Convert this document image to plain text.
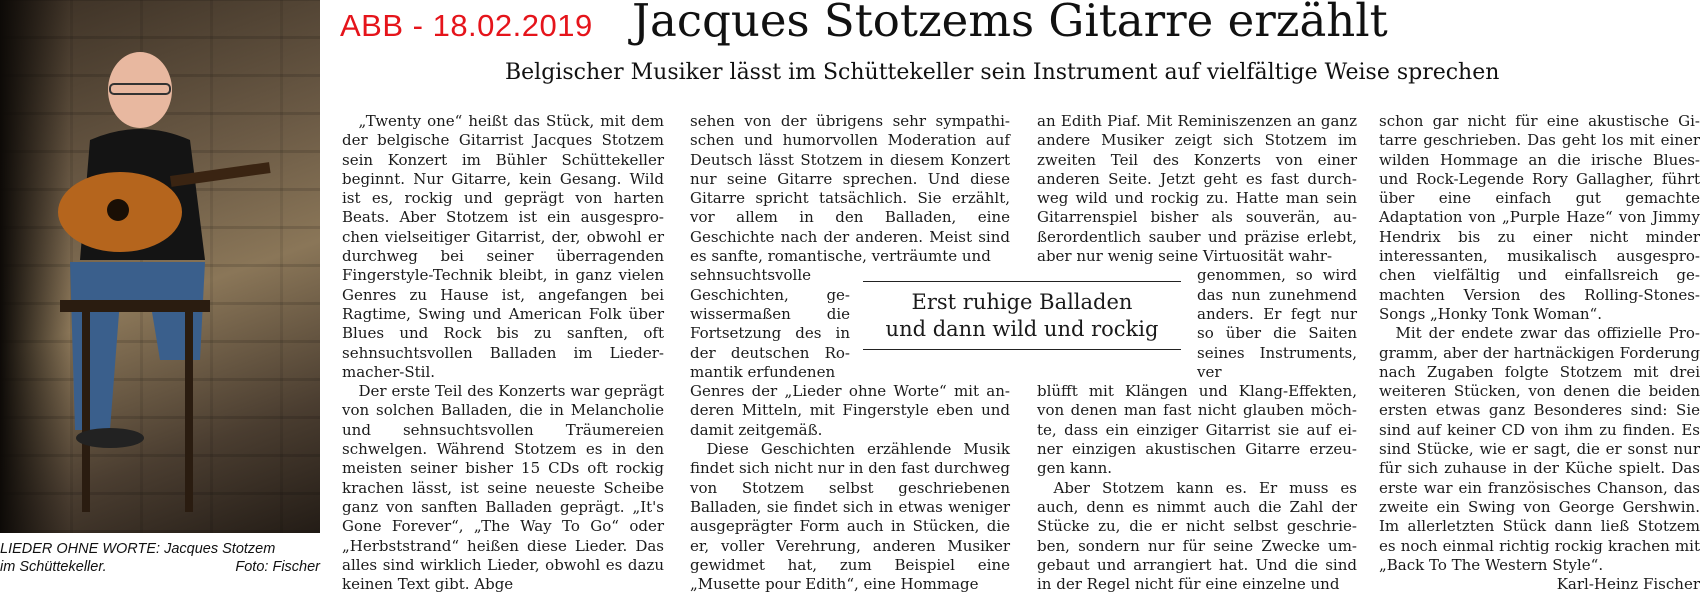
LIEDER OHNE WORTE: Jacques Stotzem
im Schüttekeller.	Foto: Fischer
ABB - 18.02.2019 Jacques Stotzems Gitarre erzählt
Belgischer Musiker lässt im Schüttekeller sein Instrument auf vielfältige Weise sprechen

„Twenty one“ heißt das Stück, mit dem der belgische Gitarrist Jacques Stotzem sein Konzert im Bühler Schüttekeller beginnt. Nur Gitarre, kein Gesang. Wild ist es, rockig und geprägt von harten Beats. Aber Stotzem ist ein ausgesprochen vielseitiger Gitarrist, der, obwohl er durchweg bei seiner überragenden Fingerstyle-Technik bleibt, in ganz vielen Genres zu Hause ist, angefangen bei Ragtime, Swing und American Folk über Blues und Rock bis zu sanften, oft sehnsuchtsvollen Balladen im Liedermacher-Stil.

Der erste Teil des Konzerts war geprägt von solchen Balladen, die in Melancholie und sehnsuchtsvollen Träumereien schwelgen. Während Stotzem es in den meisten seiner bisher 15 CDs oft rockig krachen lässt, ist seine neueste Scheibe ganz von sanften Balladen geprägt. „It's Gone Forever“, „The Way To Go“ oder „Herbststrand“ heißen diese Lieder. Das alles sind wirklich Lieder, obwohl es dazu keinen Text gibt. Abge

sehen von der übrigens sehr sympathischen und humorvollen Moderation auf Deutsch lässt Stotzem in diesem Konzert nur seine Gitarre sprechen. Und diese Gitarre spricht tatsächlich. Sie erzählt, vor allem in den Balladen, eine Geschichte nach der anderen. Meist sind es sanfte, romantische, verträumte und

sehnsuchtsvolle Geschichten, gewissermaßen die Fortsetzung des in der deutschen Romantik erfundenen

Genres der „Lieder ohne Worte“ mit anderen Mitteln, mit Fingerstyle eben und damit zeitgemäß.

Diese Geschichten erzählende Musik findet sich nicht nur in den fast durchweg von Stotzem selbst geschriebenen Balladen, sie findet sich in etwas weniger ausgeprägter Form auch in Stücken, die er, voller Verehrung, anderen Musiker gewidmet hat, zum Beispiel eine „Musette pour Edith“, eine Hommage

Erst ruhige Balladen
und dann wild und rockig

an Edith Piaf. Mit Reminiszenzen an ganz andere Musiker zeigt sich Stotzem im zweiten Teil des Konzerts von einer anderen Seite. Jetzt geht es fast durchweg wild und rockig zu. Hatte man sein Gitarrenspiel bisher als souverän, außerordentlich sauber und präzise erlebt, aber nur wenig seine Virtuosität wahr-

genommen, so wird das nun zunehmend anders. Er fegt nur so über die Saiten seines Instruments, ver

blüfft mit Klängen und Klang-Effekten, von denen man fast nicht glauben möchte, dass ein einziger Gitarrist sie auf einer einzigen akustischen Gitarre erzeugen kann.

Aber Stotzem kann es. Er muss es auch, denn es nimmt auch die Zahl der Stücke zu, die er nicht selbst geschrieben, sondern nur für seine Zwecke umgebaut und arrangiert hat. Und die sind in der Regel nicht für eine einzelne und

schon gar nicht für eine akustische Gitarre geschrieben. Das geht los mit einer wilden Hommage an die irische Blues- und Rock-Legende Rory Gallagher, führt über eine einfach gut gemachte Adaptation von „Purple Haze“ von Jimmy Hendrix bis zu einer nicht minder interessanten, musikalisch ausgesprochen vielfältig und einfallsreich gemachten Version des Rolling-Stones-Songs „Honky Tonk Woman“.

Mit der endete zwar das offizielle Programm, aber der hartnäckigen Forderung nach Zugaben folgte Stotzem mit drei weiteren Stücken, von denen die beiden ersten etwas ganz Besonderes sind: Sie sind auf keiner CD von ihm zu finden. Es sind Stücke, wie er sagt, die er sonst nur für sich zuhause in der Küche spielt. Das erste war ein französisches Chanson, das zweite ein Swing von George Gershwin. Im allerletzten Stück dann ließ Stotzem es noch einmal richtig rockig krachen mit „Back To The Western Style“.
Karl-Heinz Fischer
